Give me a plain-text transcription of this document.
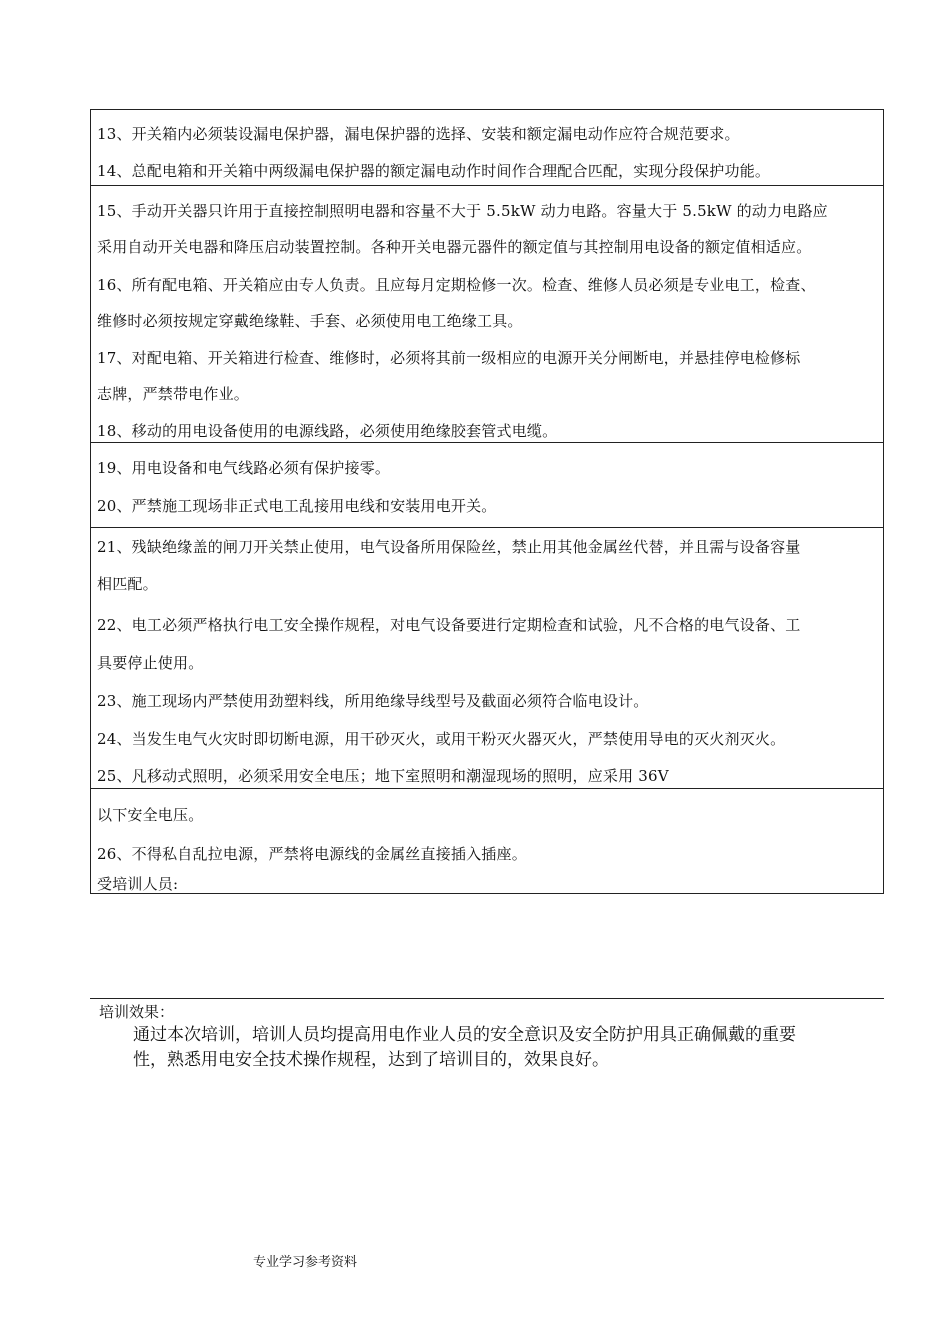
13、开关箱内必须装设漏电保护器，漏电保护器的选择、安装和额定漏电动作应符合规范要求。
14、总配电箱和开关箱中两级漏电保护器的额定漏电动作时间作合理配合匹配，实现分段保护功能。
15、手动开关器只许用于直接控制照明电器和容量不大于 5.5kW 动力电路。容量大于 5.5kW 的动力电路应
采用自动开关电器和降压启动装置控制。各种开关电器元器件的额定值与其控制用电设备的额定值相适应。
16、所有配电箱、开关箱应由专人负责。且应每月定期检修一次。检查、维修人员必须是专业电工，检查、
维修时必须按规定穿戴绝缘鞋、手套、必须使用电工绝缘工具。
17、对配电箱、开关箱进行检查、维修时，必须将其前一级相应的电源开关分闸断电，并悬挂停电检修标
志牌，严禁带电作业。
18、移动的用电设备使用的电源线路，必须使用绝缘胶套管式电缆。
19、用电设备和电气线路必须有保护接零。
20、严禁施工现场非正式电工乱接用电线和安装用电开关。
21、残缺绝缘盖的闸刀开关禁止使用，电气设备所用保险丝，禁止用其他金属丝代替，并且需与设备容量
相匹配。
22、电工必须严格执行电工安全操作规程，对电气设备要进行定期检查和试验，凡不合格的电气设备、工
具要停止使用。
23、施工现场内严禁使用劲塑料线，所用绝缘导线型号及截面必须符合临电设计。
24、当发生电气火灾时即切断电源，用干砂灭火，或用干粉灭火器灭火，严禁使用导电的灭火剂灭火。
25、凡移动式照明，必须采用安全电压；地下室照明和潮湿现场的照明，应采用 36V
以下安全电压。
26、不得私自乱拉电源，严禁将电源线的金属丝直接插入插座。
受培训人员:
培训效果：
通过本次培训，培训人员均提高用电作业人员的安全意识及安全防护用具正确佩戴的重要
性，熟悉用电安全技术操作规程，达到了培训目的，效果良好。
专业学习参考资料
